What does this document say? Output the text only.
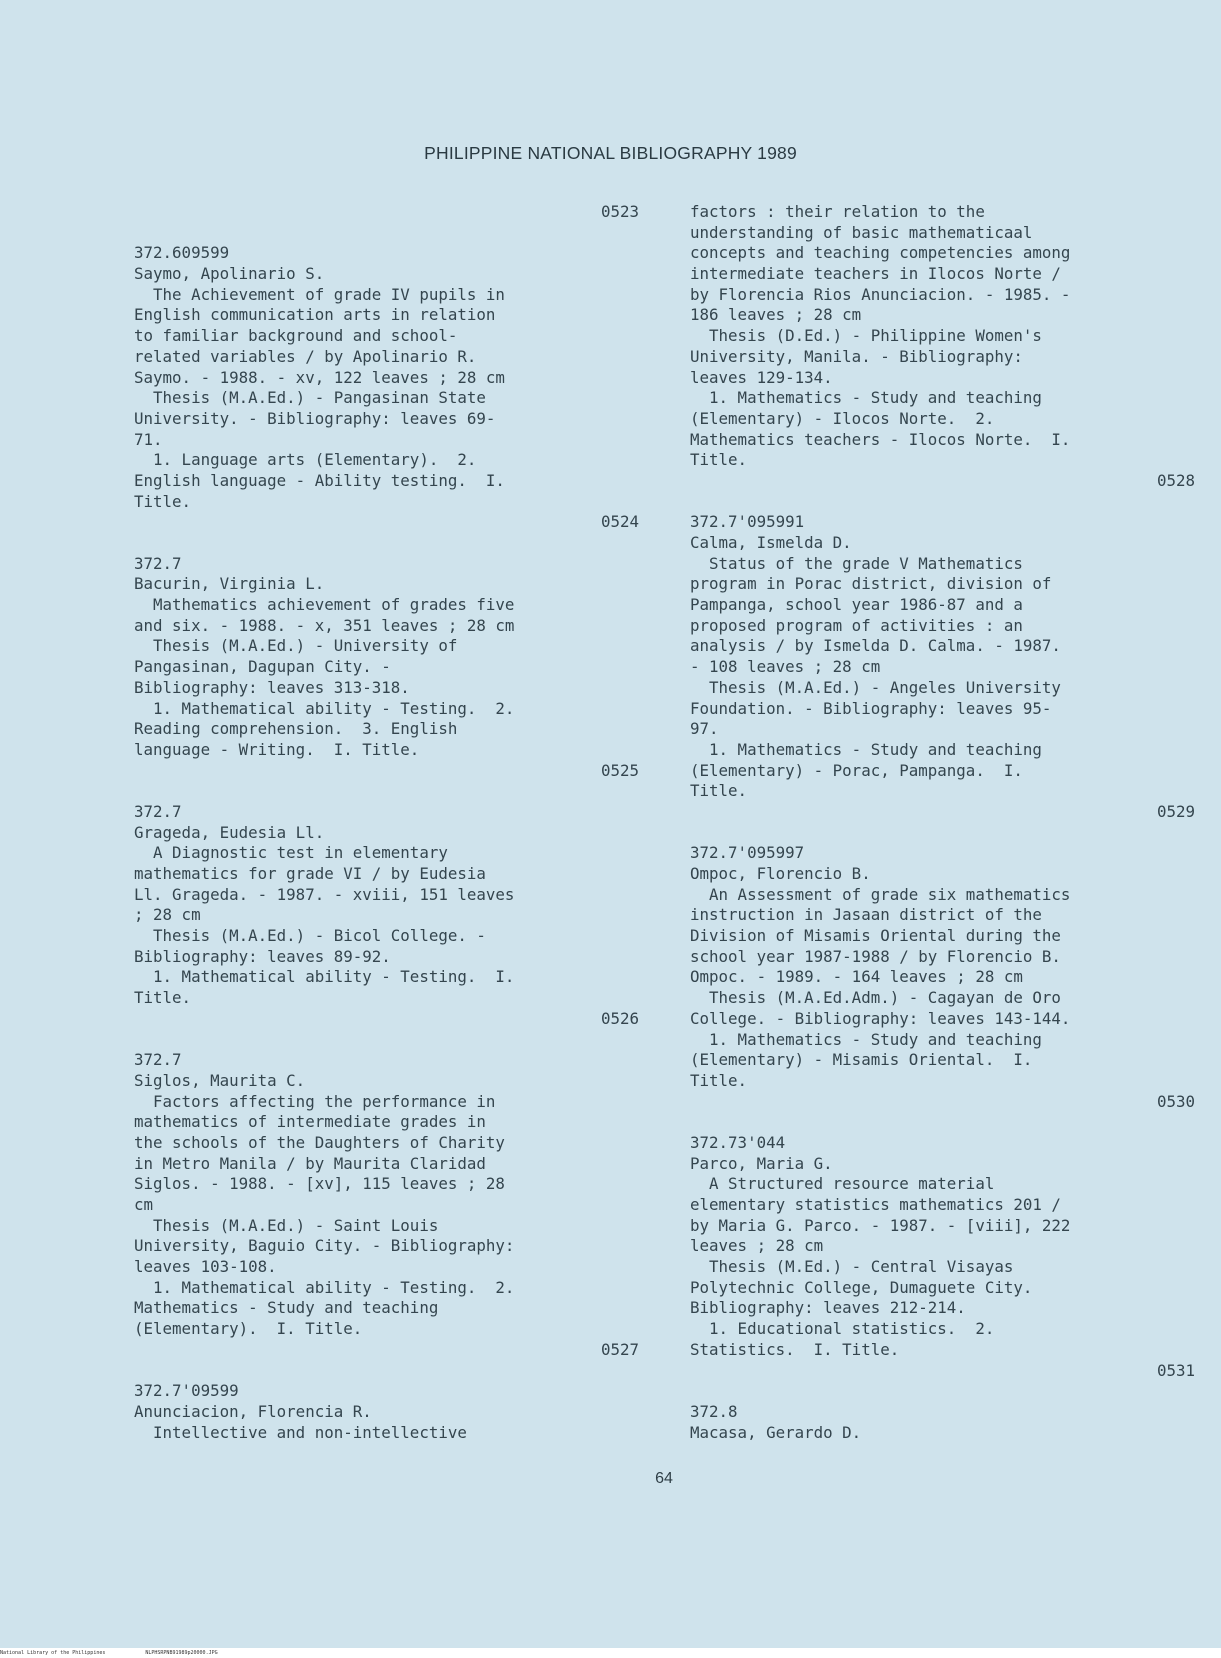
PHILIPPINE NATIONAL BIBLIOGRAPHY 1989
0523
372.609599
Saymo, Apolinario S.
The Achievement of grade IV pupils in
English communication arts in relation
to familiar background and school-
related variables / by Apolinario R.
Saymo. - 1988. - xv, 122 leaves ; 28 cm
Thesis (M.A.Ed.) - Pangasinan State
University. - Bibliography: leaves 69-
71.
1. Language arts (Elementary).  2.
English language - Ability testing.  I.
Title.
0524
372.7
Bacurin, Virginia L.
Mathematics achievement of grades five
and six. - 1988. - x, 351 leaves ; 28 cm
Thesis (M.A.Ed.) - University of
Pangasinan, Dagupan City. -
Bibliography: leaves 313-318.
1. Mathematical ability - Testing.  2.
Reading comprehension.  3. English
language - Writing.  I. Title.
0525
372.7
Grageda, Eudesia Ll.
A Diagnostic test in elementary
mathematics for grade VI / by Eudesia
Ll. Grageda. - 1987. - xviii, 151 leaves
; 28 cm
Thesis (M.A.Ed.) - Bicol College. -
Bibliography: leaves 89-92.
1. Mathematical ability - Testing.  I.
Title.
0526
372.7
Siglos, Maurita C.
Factors affecting the performance in
mathematics of intermediate grades in
the schools of the Daughters of Charity
in Metro Manila / by Maurita Claridad
Siglos. - 1988. - [xv], 115 leaves ; 28
cm
Thesis (M.A.Ed.) - Saint Louis
University, Baguio City. - Bibliography:
leaves 103-108.
1. Mathematical ability - Testing.  2.
Mathematics - Study and teaching
(Elementary).  I. Title.
0527
372.7'09599
Anunciacion, Florencia R.
Intellective and non-intellective
factors : their relation to the
understanding of basic mathematicaal
concepts and teaching competencies among
intermediate teachers in Ilocos Norte /
by Florencia Rios Anunciacion. - 1985. -
186 leaves ; 28 cm
Thesis (D.Ed.) - Philippine Women's
University, Manila. - Bibliography:
leaves 129-134.
1. Mathematics - Study and teaching
(Elementary) - Ilocos Norte.  2.
Mathematics teachers - Ilocos Norte.  I.
Title.
0528
372.7'095991
Calma, Ismelda D.
Status of the grade V Mathematics
program in Porac district, division of
Pampanga, school year 1986-87 and a
proposed program of activities : an
analysis / by Ismelda D. Calma. - 1987.
- 108 leaves ; 28 cm
Thesis (M.A.Ed.) - Angeles University
Foundation. - Bibliography: leaves 95-
97.
1. Mathematics - Study and teaching
(Elementary) - Porac, Pampanga.  I.
Title.
0529
372.7'095997
Ompoc, Florencio B.
An Assessment of grade six mathematics
instruction in Jasaan district of the
Division of Misamis Oriental during the
school year 1987-1988 / by Florencio B.
Ompoc. - 1989. - 164 leaves ; 28 cm
Thesis (M.A.Ed.Adm.) - Cagayan de Oro
College. - Bibliography: leaves 143-144.
1. Mathematics - Study and teaching
(Elementary) - Misamis Oriental.  I.
Title.
0530
372.73'044
Parco, Maria G.
A Structured resource material
elementary statistics mathematics 201 /
by Maria G. Parco. - 1987. - [viii], 222
leaves ; 28 cm
Thesis (M.Ed.) - Central Visayas
Polytechnic College, Dumaguete City.
Bibliography: leaves 212-214.
1. Educational statistics.  2.
Statistics.  I. Title.
0531
372.8
Macasa, Gerardo D.
64
National Library of the Philippines	NLPHSRPNB91989p20000.JPG
